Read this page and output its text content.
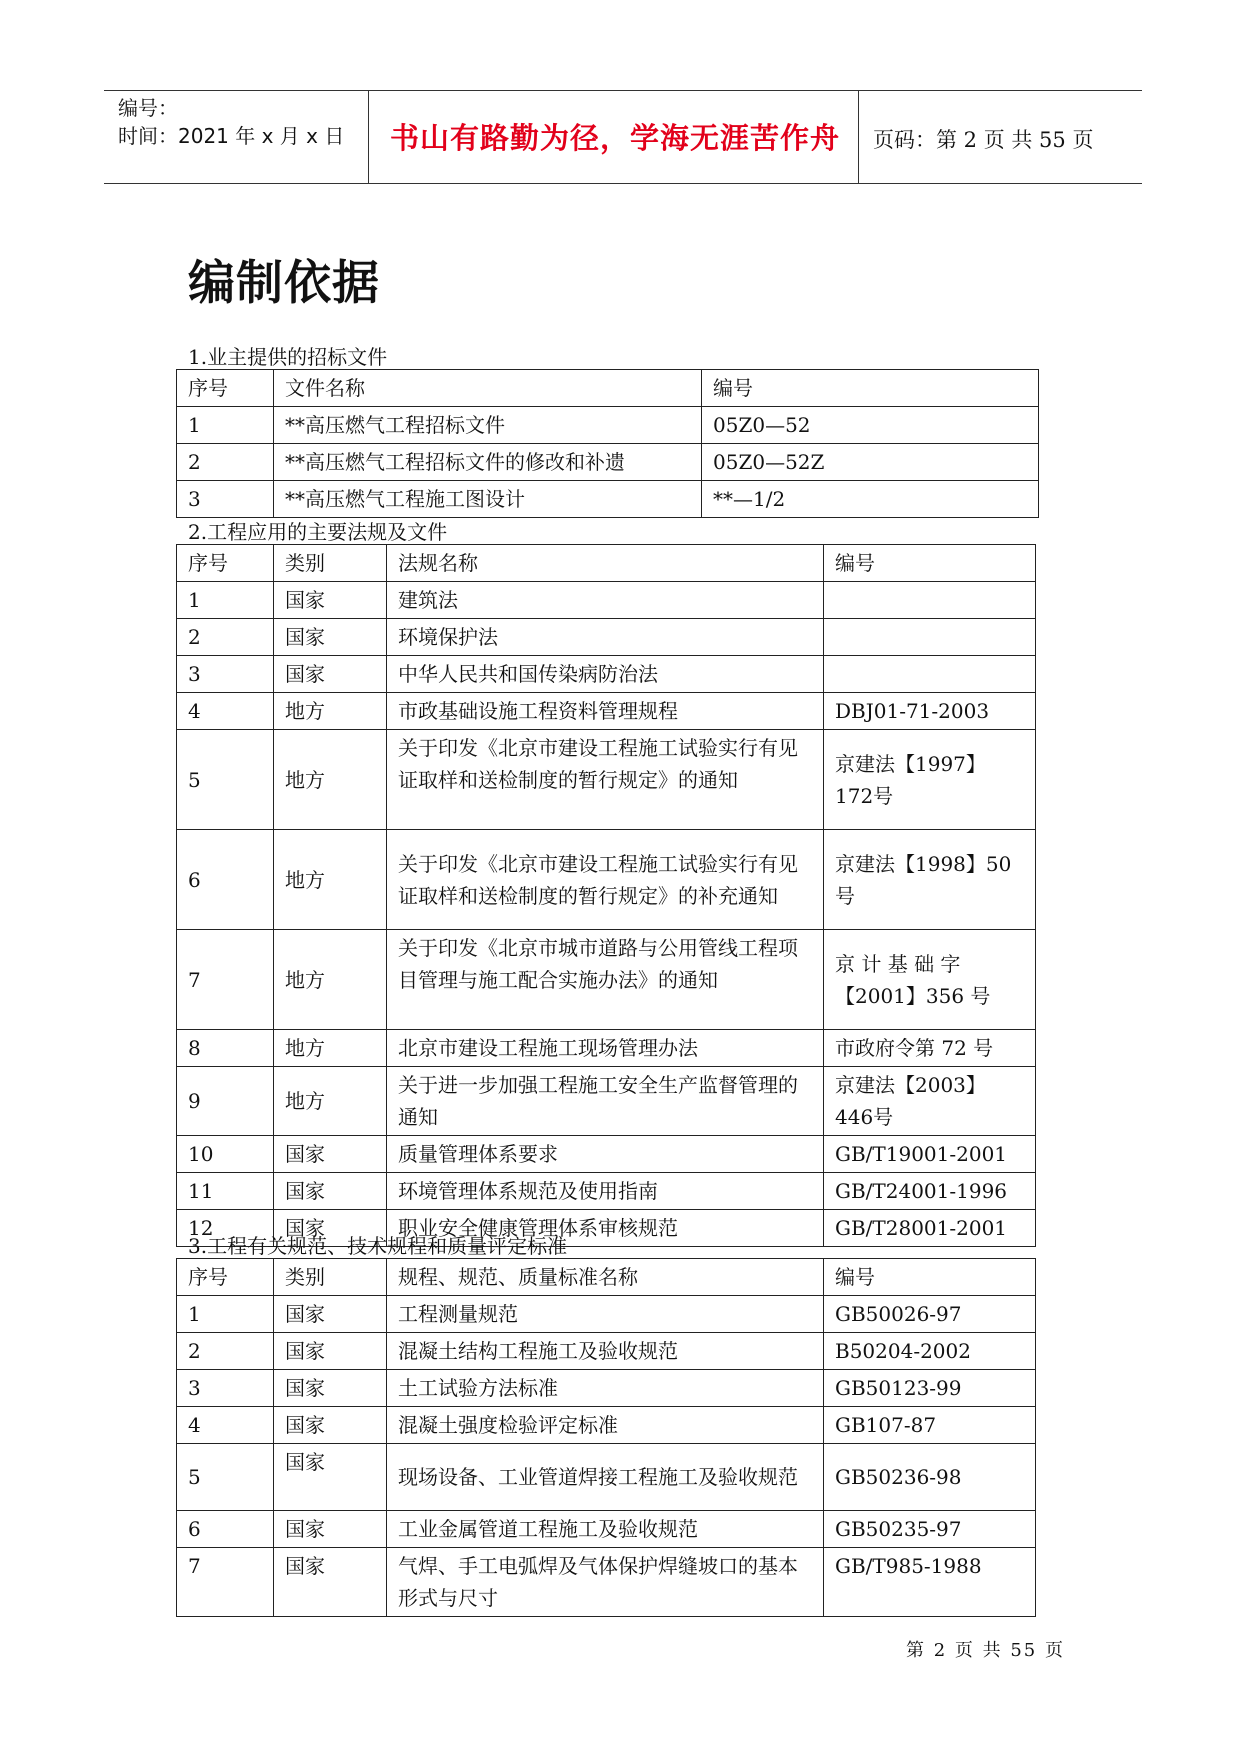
编号：
时间：2021 年 x 月 x 日	书山有路勤为径，学海无涯苦作舟	页码：第 2 页 共 55 页
编制依据
1.业主提供的招标文件
序号	文件名称	编号
1	**高压燃气工程招标文件	05Z0—52
2	**高压燃气工程招标文件的修改和补遗	05Z0—52Z
3	**高压燃气工程施工图设计	**—1/2
2.工程应用的主要法规及文件
序号	类别	法规名称	编号
1	国家	建筑法	
2	国家	环境保护法	
3	国家	中华人民共和国传染病防治法	
4	地方	市政基础设施工程资料管理规程	DBJ01-71-2003
5	地方	关于印发《北京市建设工程施工试验实行有见证取样和送检制度的暂行规定》的通知	京建法【1997】 172号
6	地方	关于印发《北京市建设工程施工试验实行有见证取样和送检制度的暂行规定》的补充通知	京建法【1998】50号
7	地方	关于印发《北京市城市道路与公用管线工程项目管理与施工配合实施办法》的通知	京 计 基 础 字【2001】356 号
8	地方	北京市建设工程施工现场管理办法	市政府令第 72 号
9	地方	关于进一步加强工程施工安全生产监督管理的通知	京建法【2003】 446号
10	国家	质量管理体系要求	GB/T19001-2001
11	国家	环境管理体系规范及使用指南	GB/T24001-1996
12	国家	职业安全健康管理体系审核规范	GB/T28001-2001
3.工程有关规范、技术规程和质量评定标准
序号	类别	规程、规范、质量标准名称	编号
1	国家	工程测量规范	GB50026-97
2	国家	混凝土结构工程施工及验收规范	B50204-2002
3	国家	土工试验方法标准	GB50123-99
4	国家	混凝土强度检验评定标准	GB107-87
5	国家	现场设备、工业管道焊接工程施工及验收规范	GB50236-98
6	国家	工业金属管道工程施工及验收规范	GB50235-97
7	国家	气焊、手工电弧焊及气体保护焊缝坡口的基本形式与尺寸	GB/T985-1988
第 2 页 共 55 页
